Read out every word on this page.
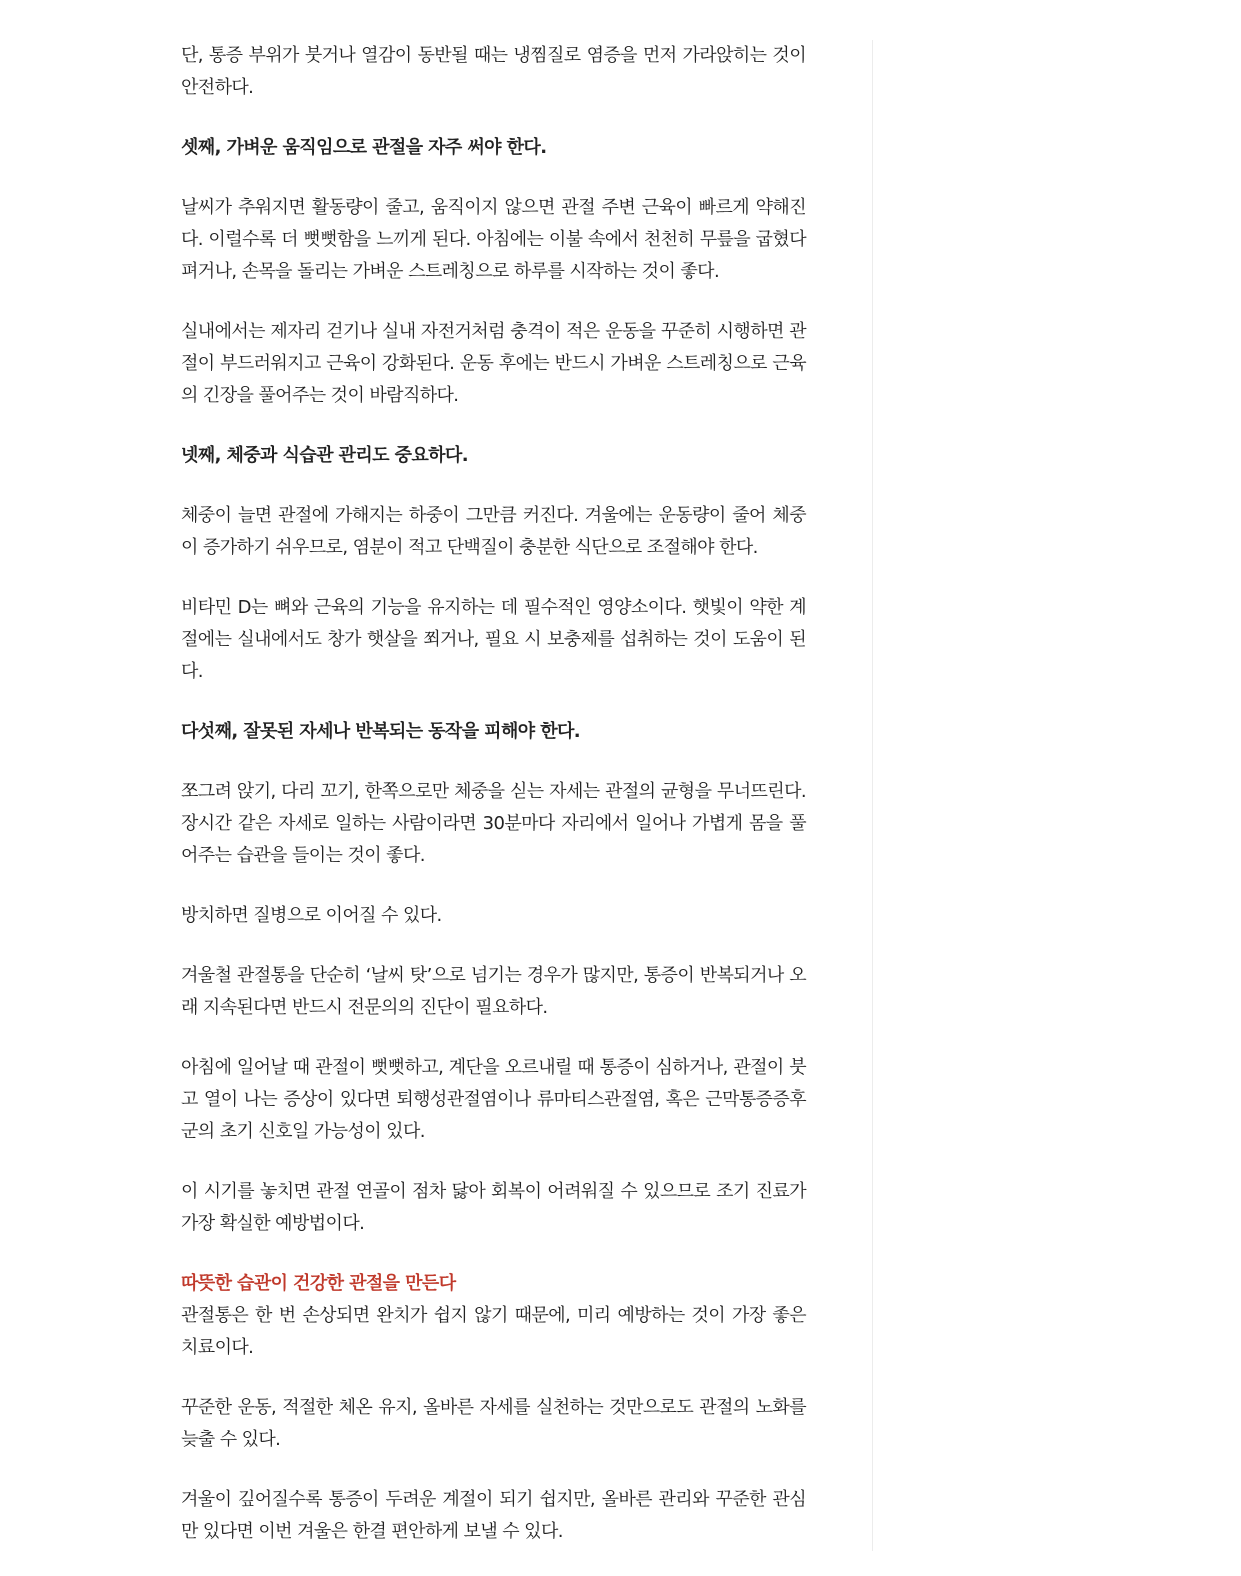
단, 통증 부위가 붓거나 열감이 동반될 때는 냉찜질로 염증을 먼저 가라앉히는 것이 안전하다.

셋째, 가벼운 움직임으로 관절을 자주 써야 한다.

날씨가 추워지면 활동량이 줄고, 움직이지 않으면 관절 주변 근육이 빠르게 약해진다. 이럴수록 더 뻣뻣함을 느끼게 된다. 아침에는 이불 속에서 천천히 무릎을 굽혔다 펴거나, 손목을 돌리는 가벼운 스트레칭으로 하루를 시작하는 것이 좋다.

실내에서는 제자리 걷기나 실내 자전거처럼 충격이 적은 운동을 꾸준히 시행하면 관절이 부드러워지고 근육이 강화된다. 운동 후에는 반드시 가벼운 스트레칭으로 근육의 긴장을 풀어주는 것이 바람직하다.

넷째, 체중과 식습관 관리도 중요하다.

체중이 늘면 관절에 가해지는 하중이 그만큼 커진다. 겨울에는 운동량이 줄어 체중이 증가하기 쉬우므로, 염분이 적고 단백질이 충분한 식단으로 조절해야 한다.

비타민 D는 뼈와 근육의 기능을 유지하는 데 필수적인 영양소이다. 햇빛이 약한 계절에는 실내에서도 창가 햇살을 쬐거나, 필요 시 보충제를 섭취하는 것이 도움이 된다.

다섯째, 잘못된 자세나 반복되는 동작을 피해야 한다.

쪼그려 앉기, 다리 꼬기, 한쪽으로만 체중을 싣는 자세는 관절의 균형을 무너뜨린다. 장시간 같은 자세로 일하는 사람이라면 30분마다 자리에서 일어나 가볍게 몸을 풀어주는 습관을 들이는 것이 좋다.

방치하면 질병으로 이어질 수 있다.

겨울철 관절통을 단순히 ‘날씨 탓’으로 넘기는 경우가 많지만, 통증이 반복되거나 오래 지속된다면 반드시 전문의의 진단이 필요하다.

아침에 일어날 때 관절이 뻣뻣하고, 계단을 오르내릴 때 통증이 심하거나, 관절이 붓고 열이 나는 증상이 있다면 퇴행성관절염이나 류마티스관절염, 혹은 근막통증증후군의 초기 신호일 가능성이 있다.

이 시기를 놓치면 관절 연골이 점차 닳아 회복이 어려워질 수 있으므로 조기 진료가 가장 확실한 예방법이다.

따뜻한 습관이 건강한 관절을 만든다

관절통은 한 번 손상되면 완치가 쉽지 않기 때문에, 미리 예방하는 것이 가장 좋은 치료이다.

꾸준한 운동, 적절한 체온 유지, 올바른 자세를 실천하는 것만으로도 관절의 노화를 늦출 수 있다.

겨울이 깊어질수록 통증이 두려운 계절이 되기 쉽지만, 올바른 관리와 꾸준한 관심만 있다면 이번 겨울은 한결 편안하게 보낼 수 있다.
